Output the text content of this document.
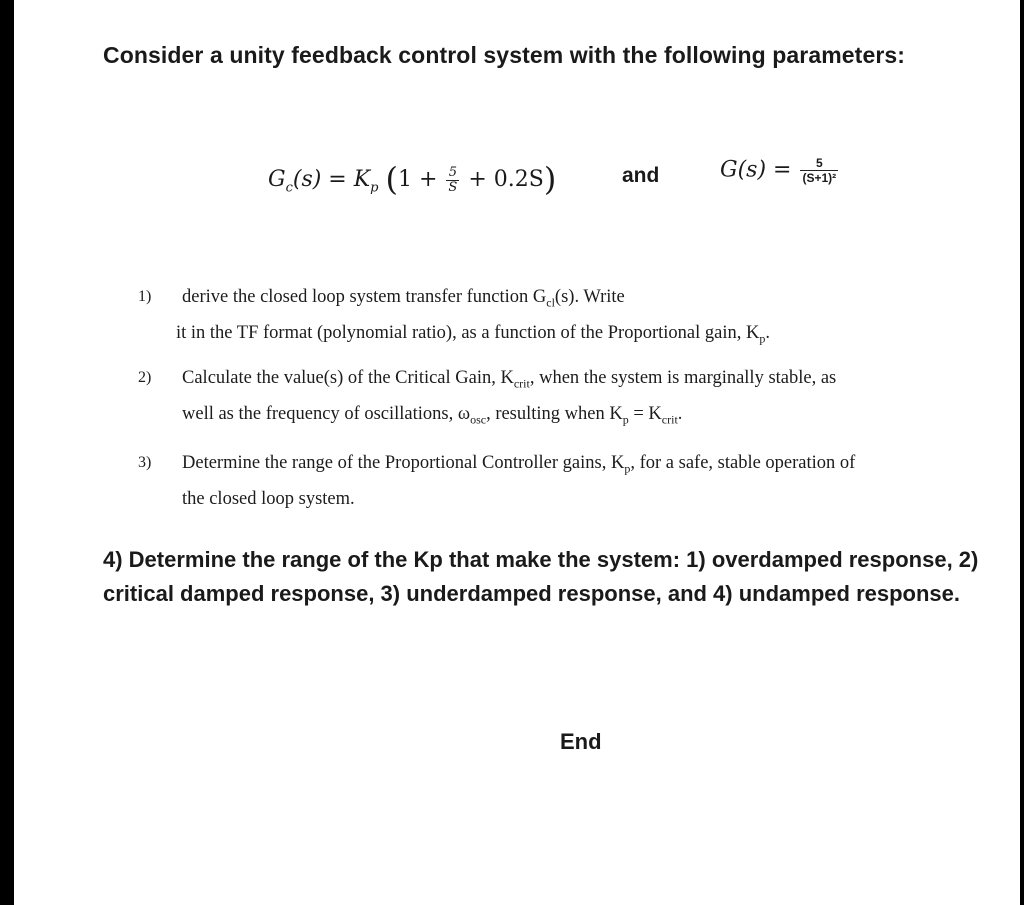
Consider a unity feedback control system with the following parameters:
$G_c(s) = K_p$ $(1 + \frac{5}{S} + 0.2S)$	and	$G(s) = \frac{5}{\text{(S+1)²}}$
1) derive the closed loop system transfer function $G_{cl}(s)$. Write
it in the TF format (polynomial ratio), as a function of the Proportional gain, $K_p$.
2) Calculate the value(s) of the Critical Gain, $K_{crit}$, when the system is marginally stable, as
well as the frequency of oscillations, $\omega_{osc}$, resulting when $K_p = K_{crit}$.
3) Determine the range of the Proportional Controller gains, $K_p$, for a safe, stable operation of
the closed loop system.
4) Determine the range of the Kp that make the system: 1) overdamped response, 2) critical damped response, 3) underdamped response, and 4) undamped response.
End
